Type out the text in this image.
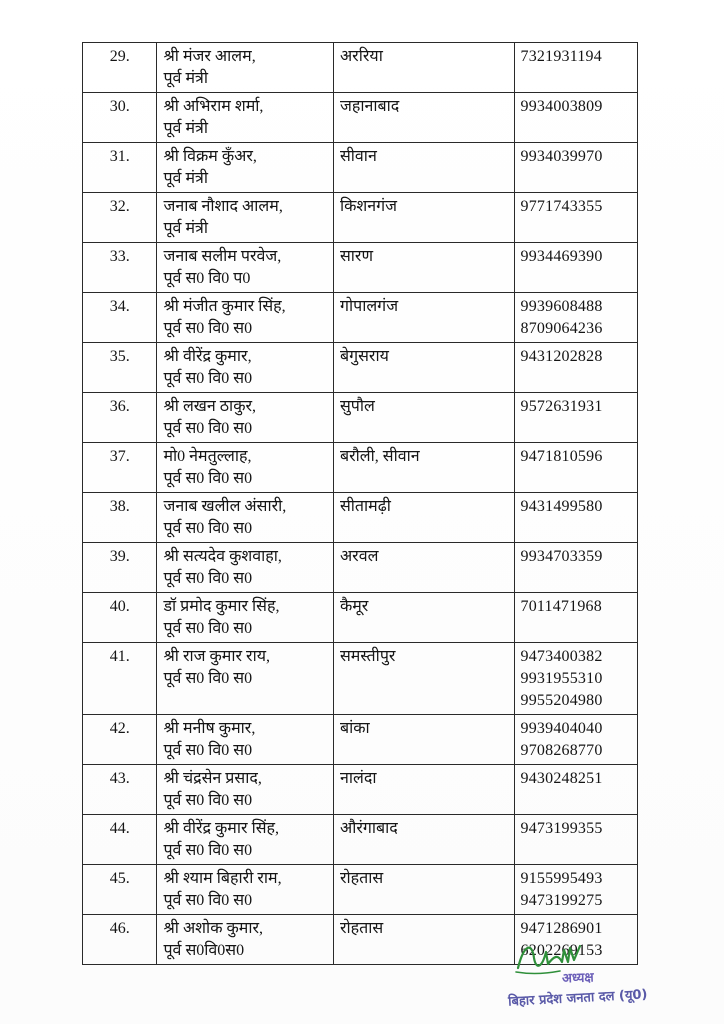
29.	श्री मंजर आलम,
पूर्व मंत्री	अररिया	7321931194

30.	श्री अभिराम शर्मा,
पूर्व मंत्री	जहानाबाद	9934003809

31.	श्री विक्रम कुँअर,
पूर्व मंत्री	सीवान	9934039970

32.	जनाब नौशाद आलम,
पूर्व मंत्री	किशनगंज	9771743355

33.	जनाब सलीम परवेज,
पूर्व स0 वि0 प0	सारण	9934469390

34.	श्री मंजीत कुमार सिंह,
पूर्व स0 वि0 स0	गोपालगंज	9939608488
8709064236

35.	श्री वीरेंद्र कुमार,
पूर्व स0 वि0 स0	बेगुसराय	9431202828

36.	श्री लखन ठाकुर,
पूर्व स0 वि0 स0	सुपौल	9572631931

37.	मो0 नेमतुल्लाह,
पूर्व स0 वि0 स0	बरौली, सीवान	9471810596

38.	जनाब खलील अंसारी,
पूर्व स0 वि0 स0	सीतामढ़ी	9431499580

39.	श्री सत्यदेव कुशवाहा,
पूर्व स0 वि0 स0	अरवल	9934703359

40.	डॉ प्रमोद कुमार सिंह,
पूर्व स0 वि0 स0	कैमूर	7011471968

41.	श्री राज कुमार राय,
पूर्व स0 वि0 स0	समस्तीपुर	9473400382
9931955310
9955204980

42.	श्री मनीष कुमार,
पूर्व स0 वि0 स0	बांका	9939404040
9708268770

43.	श्री चंद्रसेन प्रसाद,
पूर्व स0 वि0 स0	नालंदा	9430248251

44.	श्री वीरेंद्र कुमार सिंह,
पूर्व स0 वि0 स0	औरंगाबाद	9473199355

45.	श्री श्याम बिहारी राम,
पूर्व स0 वि0 स0	रोहतास	9155995493
9473199275

46.	श्री अशोक कुमार,
पूर्व स0वि0स0	रोहतास	9471286901
6202269153
अध्यक्ष
बिहार प्रदेश जनता दल (यू0)
